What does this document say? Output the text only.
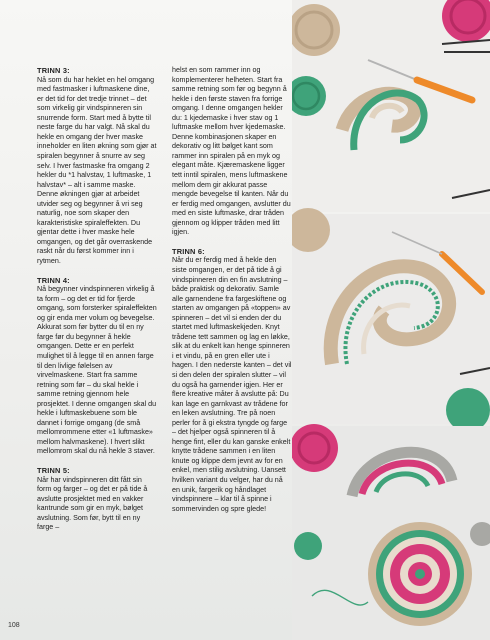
TRINN 3:

Nå som du har heklet en hel omgang med fastmasker i luftmaskene dine, er det tid for det tredje trinnet – det som virkelig gir vindspinneren sin snurrende form. Start med å bytte til neste farge du har valgt. Nå skal du hekle en omgang der hver maske inneholder en liten økning som gjør at spiralen begynner å snurre av seg selv. I hver fastmaske fra omgang 2 hekler du *1 halvstav, 1 luftmaske, 1 halvstav* – alt i samme maske. Denne økningen gjør at arbeidet utvider seg og begynner å vri seg naturlig, noe som skaper den karakteristiske spiraleffekten. Du gjentar dette i hver maske hele omgangen, og det går overraskende raskt når du først kommer inn i rytmen.

TRINN 4:

Nå begynner vindspinneren virkelig å ta form – og det er tid for fjerde omgang, som forsterker spiraleffekten og gir enda mer volum og bevegelse. Akkurat som før bytter du til en ny farge før du begynner å hekle omgangen. Dette er en perfekt mulighet til å legge til en annen farge til den livlige følelsen av virvelmaskene. Start fra samme retning som før – du skal hekle i samme retning gjennom hele prosjektet. I denne omgangen skal du hekle i luftmaskebuene som ble dannet i forrige omgang (de små mellomrommene etter «1 luftmaske» mellom halvmaskene). I hvert slikt mellomrom skal du nå hekle 3 staver.

TRINN 5:

Når har vindspinneren ditt fått sin form og farger – og det er på tide å avslutte prosjektet med en vakker kantrunde som gir en myk, bølget avslutning. Som før, bytt til en ny farge –

helst en som rammer inn og komplementerer helheten. Start fra samme retning som før og begynn å hekle i den første staven fra forrige omgang. I denne omgangen hekler du: 1 kjedemaske i hver stav og 1 luftmaske mellom hver kjedemaske. Denne kombinasjonen skaper en dekorativ og litt bølget kant som rammer inn spiralen på en myk og elegant måte. Kjæremaskene ligger tett inntil spiralen, mens luftmaskene mellom dem gir akkurat passe mengde bevegelse til kanten. Når du er ferdig med omgangen, avslutter du med en siste luftmaske, drar tråden gjennom og klipper tråden med litt igjen.

TRINN 6:

Når du er ferdig med å hekle den siste omgangen, er det på tide å gi vindspinneren din en fin avslutning – både praktisk og dekorativ. Samle alle garnendene fra fargeskiftene og starten av omgangen på «toppen» av spinneren – det vil si enden der du startet med luftmaskekjeden. Knyt trådene tett sammen og lag en løkke, slik at du enkelt kan henge spinneren i et vindu, på en gren eller ute i hagen. I den nederste kanten – det vil si den delen der spiralen slutter – vil du også ha garnender igjen. Her er flere kreative måter å avslutte på: Du kan lage en garnkvast av trådene for en leken avslutning. Tre på noen perler for å gi ekstra tyngde og farge – det hjelper også spinneren til å henge fint, eller du kan ganske enkelt knytte trådene sammen i en liten knute og klippe dem jevnt av for en enkel, men stilig avslutning. Uansett hvilken variant du velger, har du nå en unik, fargerik og håndlaget vindspinnere – klar til å spinne i sommervinden og spre glede!

108
